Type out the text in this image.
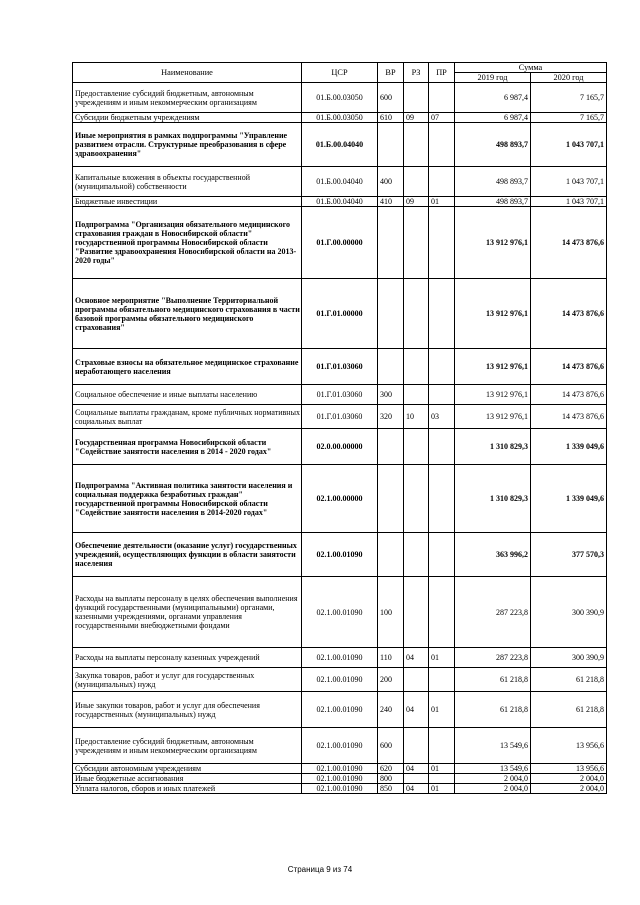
Наименование	ЦСР	ВР	РЗ	ПР	Сумма	
					2019 год	2020 год
Предоставление субсидий бюджетным, автономным учреждениям и иным некоммерческим организациям	01.Б.00.03050	600			6 987,4	7 165,7
Субсидии бюджетным учреждениям	01.Б.00.03050	610	09	07	6 987,4	7 165,7
Иные мероприятия в рамках подпрограммы "Управление развитием отрасли. Структурные преобразования в сфере здравоохранения"	01.Б.00.04040				498 893,7	1 043 707,1
Капитальные вложения в объекты государственной (муниципальной) собственности	01.Б.00.04040	400			498 893,7	1 043 707,1
Бюджетные инвестиции	01.Б.00.04040	410	09	01	498 893,7	1 043 707,1
Подпрограмма "Организация обязательного медицинского страхования граждан в Новосибирской области" государственной программы Новосибирской области "Развитие здравоохранения Новосибирской области на 2013-2020 годы"	01.Г.00.00000				13 912 976,1	14 473 876,6
Основное мероприятие "Выполнение Территориальной программы обязательного медицинского страхования в части базовой программы обязательного медицинского страхования"	01.Г.01.00000				13 912 976,1	14 473 876,6
Страховые взносы на обязательное медицинское страхование неработающего населения	01.Г.01.03060				13 912 976,1	14 473 876,6
Социальное обеспечение и иные выплаты населению	01.Г.01.03060	300			13 912 976,1	14 473 876,6
Социальные выплаты гражданам, кроме публичных нормативных социальных выплат	01.Г.01.03060	320	10	03	13 912 976,1	14 473 876,6
Государственная программа Новосибирской области "Содействие занятости населения в 2014 - 2020 годах"	02.0.00.00000				1 310 829,3	1 339 049,6
Подпрограмма "Активная политика занятости населения и социальная поддержка безработных граждан" государственной программы Новосибирской области "Содействие занятости населения в 2014-2020 годах"	02.1.00.00000				1 310 829,3	1 339 049,6
Обеспечение деятельности (оказание услуг) государственных учреждений, осуществляющих функции в области занятости населения	02.1.00.01090				363 996,2	377 570,3
Расходы на выплаты персоналу в целях обеспечения выполнения функций государственными (муниципальными) органами, казенными учреждениями, органами управления государственными внебюджетными фондами	02.1.00.01090	100			287 223,8	300 390,9
Расходы на выплаты персоналу казенных учреждений	02.1.00.01090	110	04	01	287 223,8	300 390,9
Закупка товаров, работ и услуг для государственных (муниципальных) нужд	02.1.00.01090	200			61 218,8	61 218,8
Иные закупки товаров, работ и услуг для обеспечения государственных (муниципальных) нужд	02.1.00.01090	240	04	01	61 218,8	61 218,8
Предоставление субсидий бюджетным, автономным учреждениям и иным некоммерческим организациям	02.1.00.01090	600			13 549,6	13 956,6
Субсидии автономным учреждениям	02.1.00.01090	620	04	01	13 549,6	13 956,6
Иные бюджетные ассигнования	02.1.00.01090	800			2 004,0	2 004,0
Уплата налогов, сборов и иных платежей	02.1.00.01090	850	04	01	2 004,0	2 004,0
Страница 9 из 74
